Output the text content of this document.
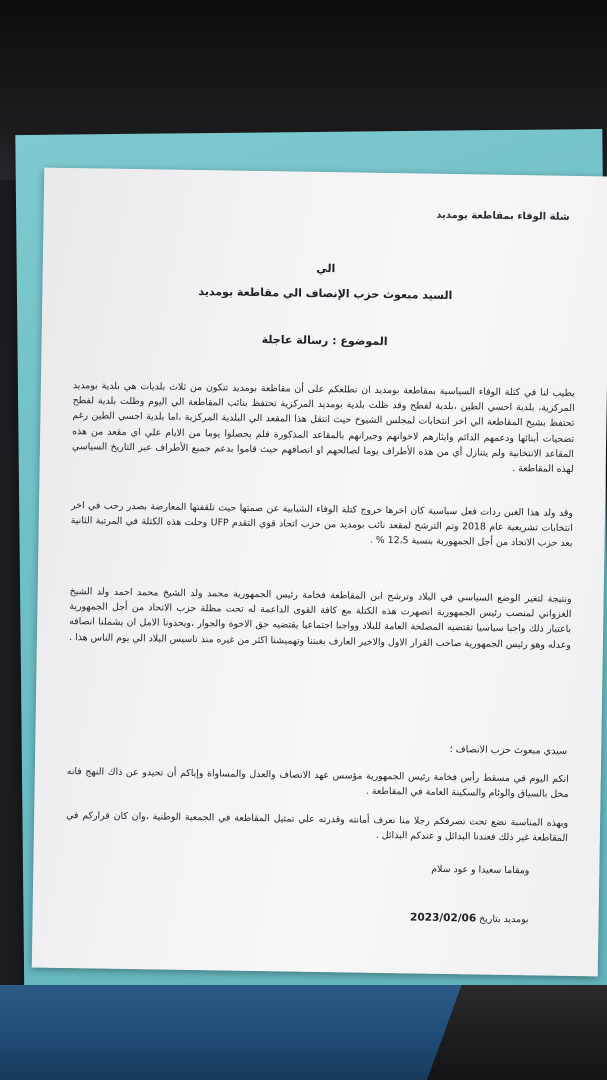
شلة الوفاء بمقاطعة بومديد
الي
السيد مبعوث حزب الإنصاف الي مقاطعة بومديد
الموضوع : رسالة عاجلة
يطيب لنا في كتلة الوفاء السياسية بمقاطعة بومديد ان نطلعكم على أن مقاطعة بومديد تتكون من ثلاث بلديات هي بلدية بومديد المركزية، بلدية احسي الطين ،بلدية لفطح وقد ظلت بلدية بومديد المركزية تحتفظ بنائب المقاطعة الي اليوم وظلت بلدية لفطح تحتفظ بشيخ المقاطعة الي اخر انتخابات لمجلس الشيوخ حيث انتقل هذا المقعد الي البلدية المركزية ،اما بلدية احسي الطين رغم تضحيات أبنائها ودعمهم الدائم وايثارهم لاخوانهم وجيرانهم بالمقاعد المذكورة فلم يحصلوا يوما من الايام علي اي مقعد من هذه المقاعد الانتخابية ولم يتنازل أي من هذه الأطراف يوما لصالحهم او انصافهم حيث قاموا بدعم جميع الأطراف عبر التاريخ السياسي لهذه المقاطعة .
وقد ولد هذا الغبن ردات فعل سياسية كان اخرها خروج كتلة الوفاء الشبابية عن صمتها حيث تلقفتها المعارضة بصدر رحب في اخر انتخابات تشريعية عام 2018 وتم الترشح لمقعد نائب بومديد من حزب اتحاد قوي التقدم UFP وحلت هذه الكتلة في المرتبة الثانية بعد حزب الاتحاد من أجل الجمهورية بنسبة 12،5 % .
ونتيجة لتغير الوضع السياسي في البلاد وترشح ابن المقاطعة فخامة رئيس الجمهورية محمد ولد الشيخ محمد احمد ولد الشيخ الغزواني لمنصب رئيس الجمهورية انصهرت هذه الكتلة مع كافة القوى الداعمة له تحت مظلة حزب الاتحاد من أجل الجمهورية باعتبار ذلك واجبا سياسيا تقتضيه المصلحة العامة للبلاد وواجبا اجتماعيا يقتضيه حق الاخوة والجوار ،ويحدونا الامل ان يشملنا انصافه وعدله وهو رئيس الجمهورية صاحب القرار الاول والاخير العارف بغبننا وتهميشنا اكثر من غيره منذ تاسيس البلاد الي يوم الناس هذا .
سيدي مبعوث حزب الانصاف ؛
انكم اليوم في مسقط رأس فخامة رئيس الجمهورية مؤسس عهد الانصاف والعدل والمساواة وإياكم أن تحيدو عن ذاك النهج فانه مخل بالسياق والوئام والسكينة العامة في المقاطعة .
وبهذه المناسبة نضع تحت تصرفكم رجلا منا نعرف أمانته وقدرته علي تمثيل المقاطعة في الجمعية الوطنية ،وان كان قراركم في المقاطعة غير ذلك فعندنا البدائل و عندكم البدائل .
ومقاما سعيدا و عود سلام
بومديد بتاريخ 2023/02/06
